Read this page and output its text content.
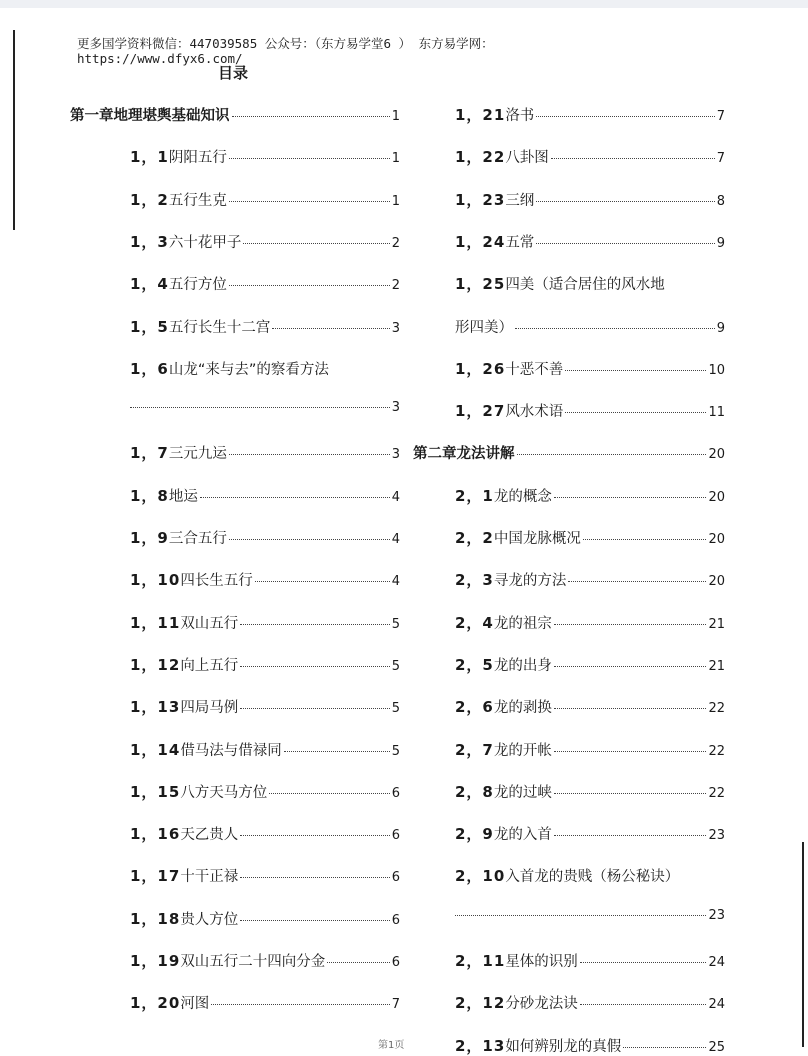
更多国学资料微信：447039585 公众号：（东方易学堂6 ） 东方易学网：
https://www.dfyx6.com/
目录
第一章地理堪舆基础知识	1
1，1 阴阳五行	1
1，2 五行生克	1
1，3 六十花甲子	2
1，4 五行方位	2
1，5 五行长生十二宫	3
1，6 山龙“来与去”的察看方法
3
1，7 三元九运	3
1，8 地运	4
1，9 三合五行	4
1，10 四长生五行	4
1，11 双山五行	5
1，12 向上五行	5
1，13 四局马例	5
1，14 借马法与借禄同	5
1，15 八方天马方位	6
1，16 天乙贵人	6
1，17 十干正禄	6
1，18 贵人方位	6
1，19 双山五行二十四向分金	6
1，20 河图	7
1，21 洛书	7
1，22 八卦图	7
1，23 三纲	8
1，24 五常	9
1，25 四美（适合居住的风水地
形四美）	9
1，26 十恶不善	10
1，27 风水术语	11
第二章龙法讲解	20
2，1 龙的概念	20
2，2 中国龙脉概况	20
2，3 寻龙的方法	20
2，4 龙的祖宗	21
2，5 龙的出身	21
2，6 龙的剥换	22
2，7 龙的开帐	22
2，8 龙的过峡	22
2，9 龙的入首	23
2，10 入首龙的贵贱（杨公秘诀）
23
2，11 星体的识别	24
2，12 分砂龙法诀	24
2，13 如何辨别龙的真假	25
第1页
